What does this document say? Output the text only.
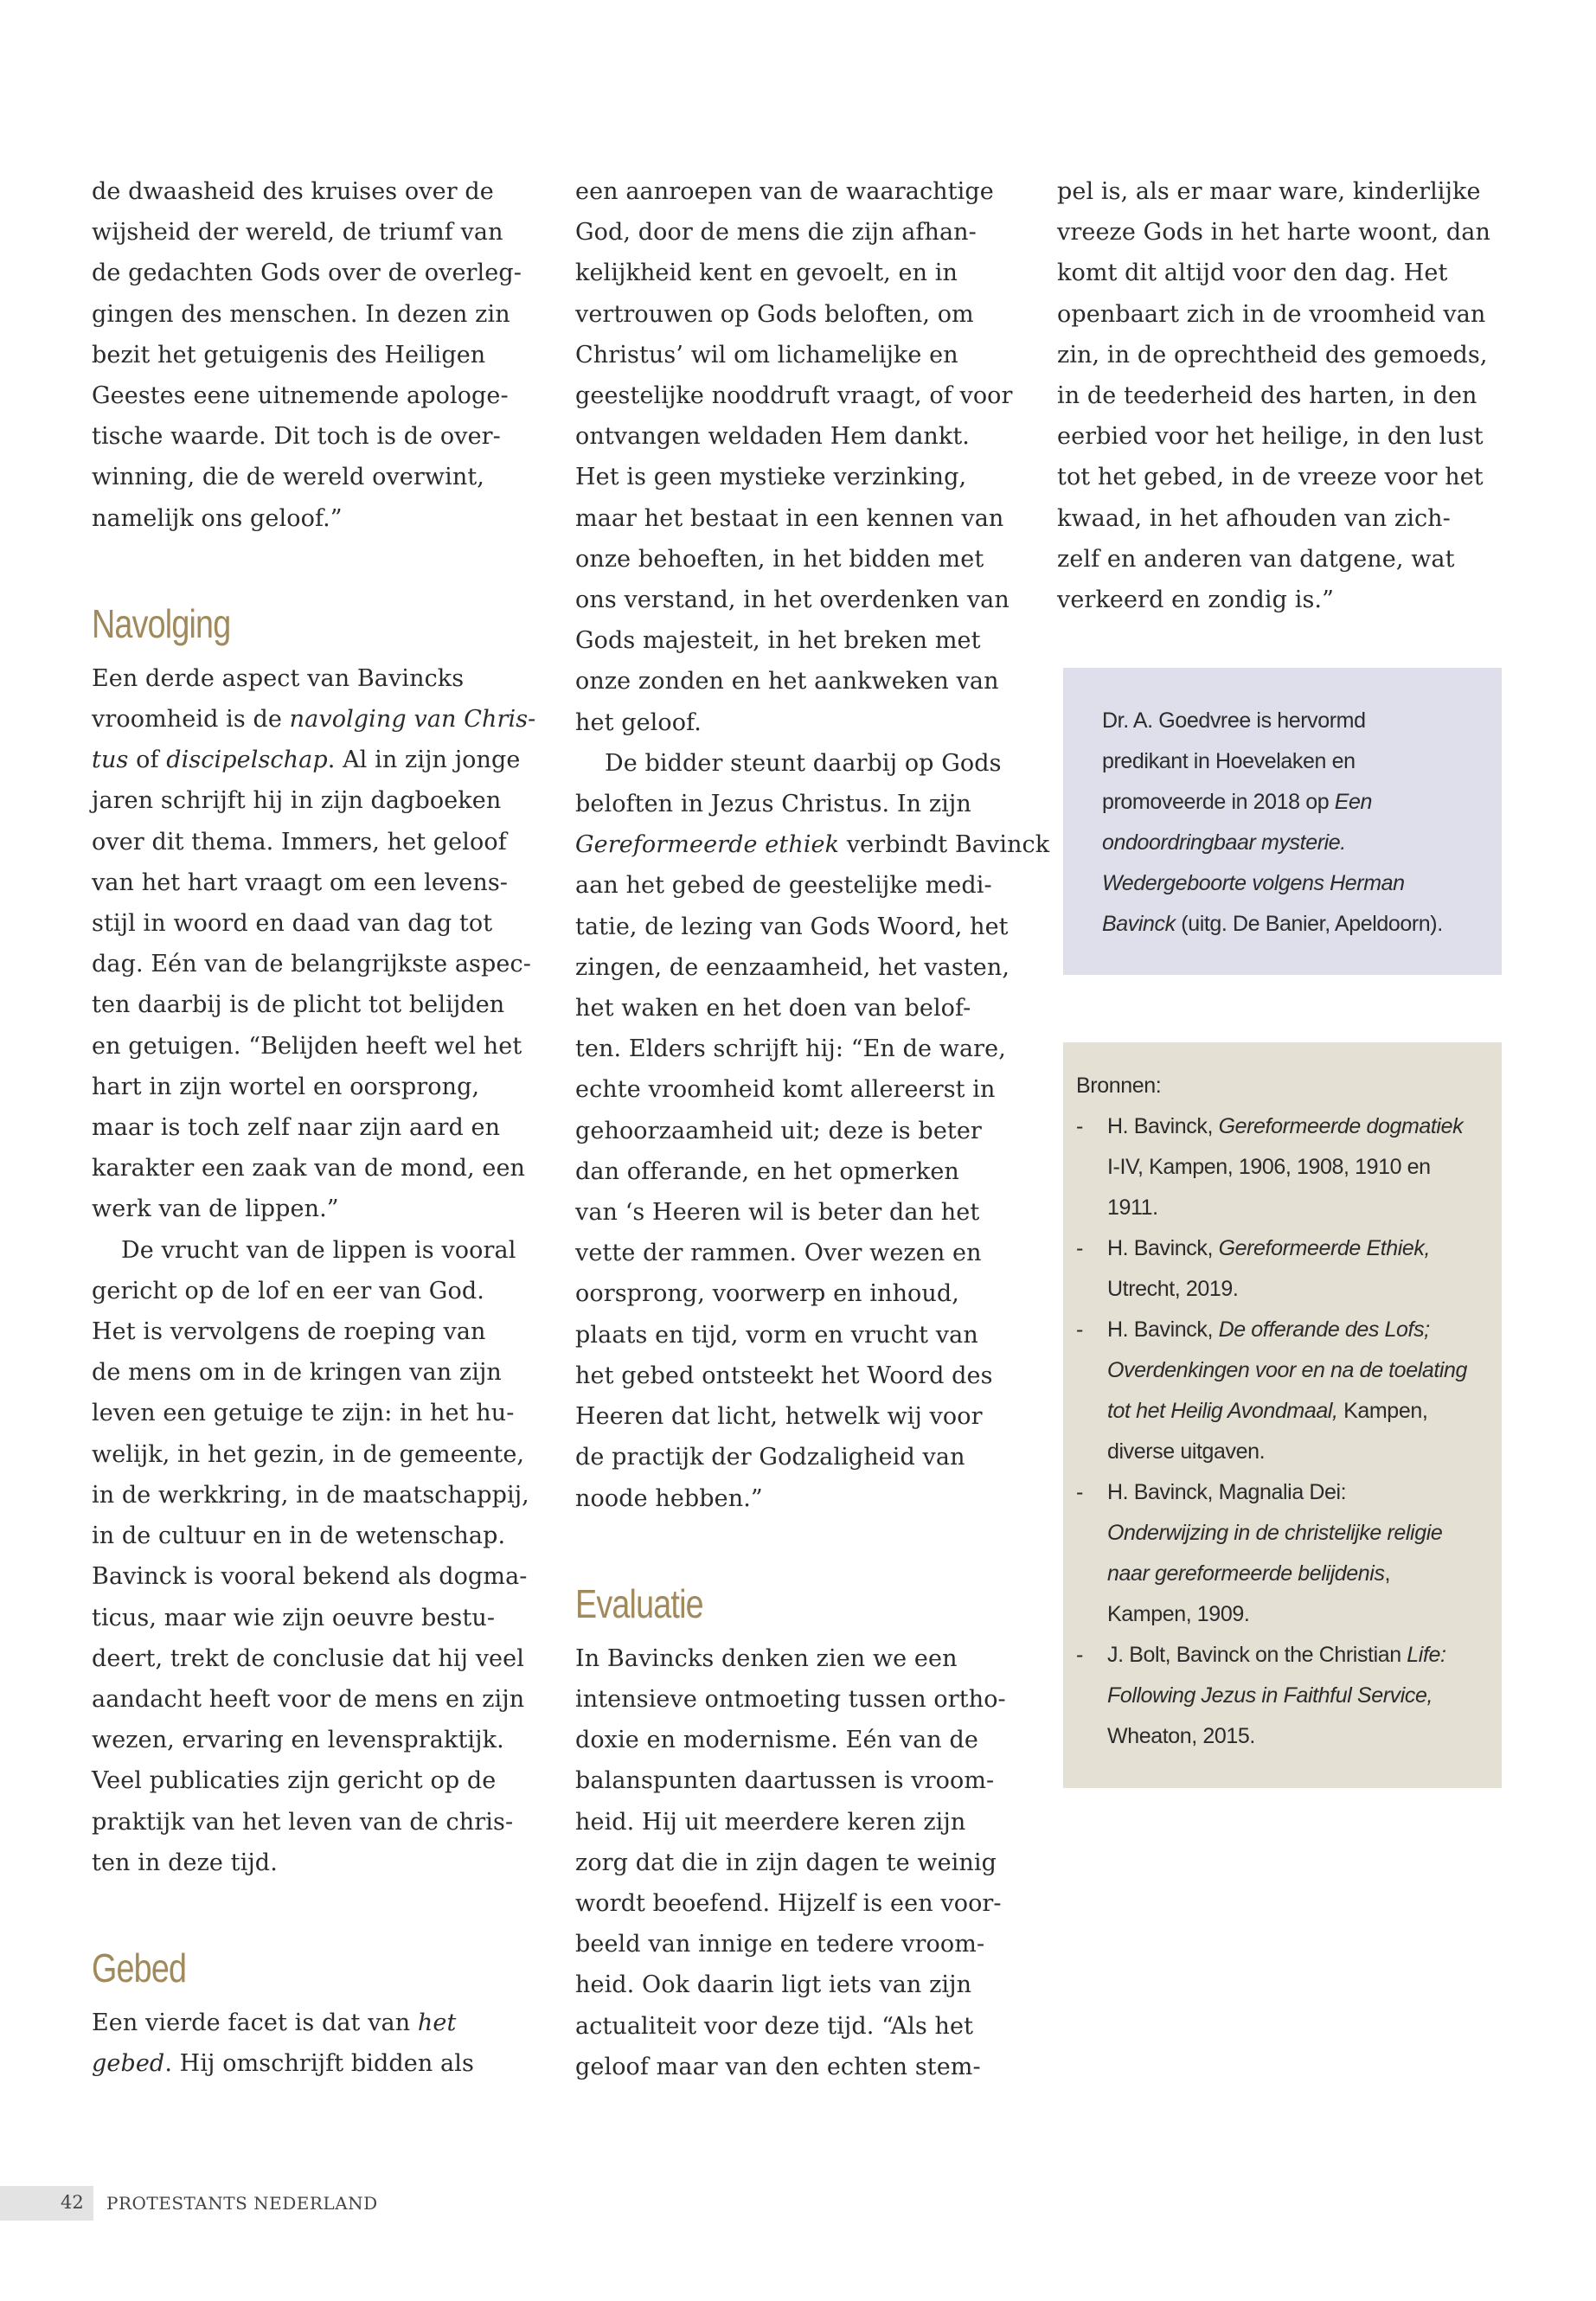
de dwaasheid des kruises over de

wijsheid der wereld, de triumf van

de gedachten Gods over de overleg-

gingen des menschen. In dezen zin

bezit het getuigenis des Heiligen

Geestes eene uitnemende apologe-

tische waarde. Dit toch is de over-

winning, die de wereld overwint,

namelijk ons geloof.”

Navolging

Een derde aspect van Bavincks

vroomheid is de navolging van Chris-

tus of discipelschap. Al in zijn jonge

jaren schrijft hij in zijn dagboeken

over dit thema. Immers, het geloof

van het hart vraagt om een levens-

stijl in woord en daad van dag tot

dag. Eén van de belangrijkste aspec-

ten daarbij is de plicht tot belijden

en getuigen. “Belijden heeft wel het

hart in zijn wortel en oorsprong,

maar is toch zelf naar zijn aard en

karakter een zaak van de mond, een

werk van de lippen.”

De vrucht van de lippen is vooral

gericht op de lof en eer van God.

Het is vervolgens de roeping van

de mens om in de kringen van zijn

leven een getuige te zijn: in het hu-

welijk, in het gezin, in de gemeente,

in de werkkring, in de maatschappij,

in de cultuur en in de wetenschap.

Bavinck is vooral bekend als dogma-

ticus, maar wie zijn oeuvre bestu-

deert, trekt de conclusie dat hij veel

aandacht heeft voor de mens en zijn

wezen, ervaring en levenspraktijk.

Veel publicaties zijn gericht op de

praktijk van het leven van de chris-

ten in deze tijd.

Gebed

Een vierde facet is dat van het

gebed. Hij omschrijft bidden als

een aanroepen van de waarachtige

God, door de mens die zijn afhan-

kelijkheid kent en gevoelt, en in

vertrouwen op Gods beloften, om

Christus’ wil om lichamelijke en

geestelijke nooddruft vraagt, of voor

ontvangen weldaden Hem dankt.

Het is geen mystieke verzinking,

maar het bestaat in een kennen van

onze behoeften, in het bidden met

ons verstand, in het overdenken van

Gods majesteit, in het breken met

onze zonden en het aankweken van

het geloof.

De bidder steunt daarbij op Gods

beloften in Jezus Christus. In zijn

Gereformeerde ethiek verbindt Bavinck

aan het gebed de geestelijke medi-

tatie, de lezing van Gods Woord, het

zingen, de eenzaamheid, het vasten,

het waken en het doen van belof-

ten. Elders schrijft hij: “En de ware,

echte vroomheid komt allereerst in

gehoorzaamheid uit; deze is beter

dan offerande, en het opmerken

van ‘s Heeren wil is beter dan het

vette der rammen. Over wezen en

oorsprong, voorwerp en inhoud,

plaats en tijd, vorm en vrucht van

het gebed ontsteekt het Woord des

Heeren dat licht, hetwelk wij voor

de practijk der Godzaligheid van

noode hebben.”

Evaluatie

In Bavincks denken zien we een

intensieve ontmoeting tussen ortho-

doxie en modernisme. Eén van de

balanspunten daartussen is vroom-

heid. Hij uit meerdere keren zijn

zorg dat die in zijn dagen te weinig

wordt beoefend. Hijzelf is een voor-

beeld van innige en tedere vroom-

heid. Ook daarin ligt iets van zijn

actualiteit voor deze tijd. “Als het

geloof maar van den echten stem-

pel is, als er maar ware, kinderlijke

vreeze Gods in het harte woont, dan

komt dit altijd voor den dag. Het

openbaart zich in de vroomheid van

zin, in de oprechtheid des gemoeds,

in de teederheid des harten, in den

eerbied voor het heilige, in den lust

tot het gebed, in de vreeze voor het

kwaad, in het afhouden van zich-

zelf en anderen van datgene, wat

verkeerd en zondig is.”

Dr. A. Goedvree is hervormd

predikant in Hoevelaken en

promoveerde in 2018 op Een

ondoordringbaar mysterie.

Wedergeboorte volgens Herman

Bavinck (uitg. De Banier, Apeldoorn).

Bronnen:

- H. Bavinck, Gereformeerde dogmatiek

I-IV, Kampen, 1906, 1908, 1910 en

1911.

- H. Bavinck, Gereformeerde Ethiek,

Utrecht, 2019.

- H. Bavinck, De offerande des Lofs;

Overdenkingen voor en na de toelating

tot het Heilig Avondmaal, Kampen,

diverse uitgaven.

- H. Bavinck, Magnalia Dei:

Onderwijzing in de christelijke religie

naar gereformeerde belijdenis,

Kampen, 1909.

- J. Bolt, Bavinck on the Christian Life:

Following Jezus in Faithful Service,

Wheaton, 2015.

42 PROTESTANTS NEDERLAND
